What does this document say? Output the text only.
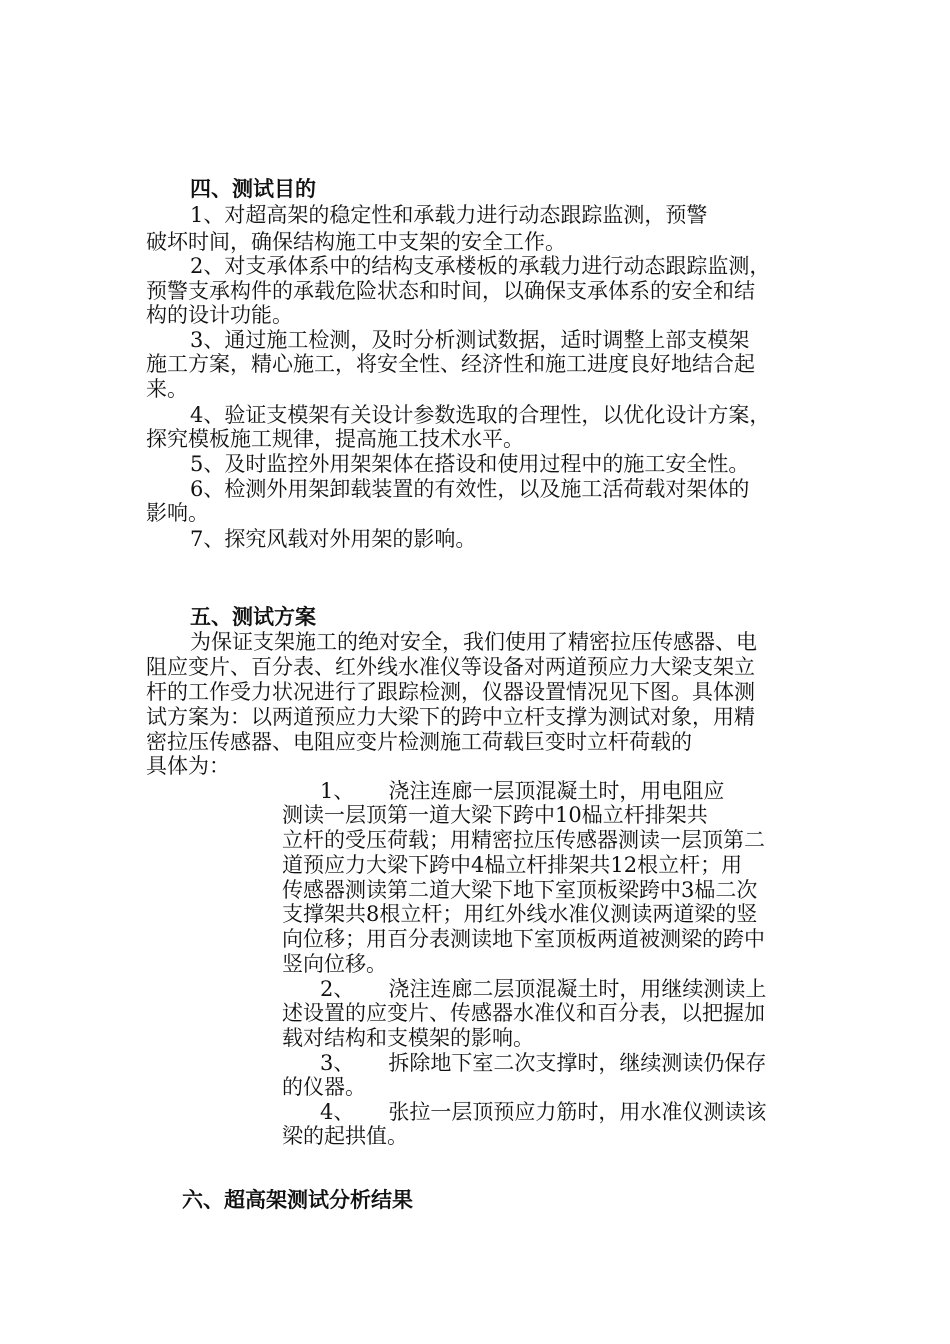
四、测试目的

1、对超高架的稳定性和承载力进行动态跟踪监测，预警

破坏时间，确保结构施工中支架的安全工作。

2、对支承体系中的结构支承楼板的承载力进行动态跟踪监测，

预警支承构件的承载危险状态和时间，以确保支承体系的安全和结

构的设计功能。

3、通过施工检测，及时分析测试数据，适时调整上部支模架

施工方案，精心施工，将安全性、经济性和施工进度良好地结合起

来。

4、验证支模架有关设计参数选取的合理性，以优化设计方案，

探究模板施工规律，提高施工技术水平。

5、及时监控外用架架体在搭设和使用过程中的施工安全性。

6、检测外用架卸载装置的有效性，以及施工活荷载对架体的

影响。

7、探究风载对外用架的影响。

五、测试方案

为保证支架施工的绝对安全，我们使用了精密拉压传感器、电

阻应变片、百分表、红外线水准仪等设备对两道预应力大梁支架立

杆的工作受力状况进行了跟踪检测，仪器设置情况见下图。具体测

试方案为：以两道预应力大梁下的跨中立杆支撑为测试对象，用精

密拉压传感器、电阻应变片检测施工荷载巨变时立杆荷载的

具体为：

1、 浇注连廊一层顶混凝土时，用电阻应

测读一层顶第一道大梁下跨中10榀立杆排架共

立杆的受压荷载；用精密拉压传感器测读一层顶第二

道预应力大梁下跨中4榀立杆排架共12根立杆；用

传感器测读第二道大梁下地下室顶板梁跨中3榀二次

支撑架共8根立杆；用红外线水准仪测读两道梁的竖

向位移；用百分表测读地下室顶板两道被测梁的跨中

竖向位移。

2、 浇注连廊二层顶混凝土时，用继续测读上

述设置的应变片、传感器水准仪和百分表，以把握加

载对结构和支模架的影响。

3、 拆除地下室二次支撑时，继续测读仍保存

的仪器。

4、 张拉一层顶预应力筋时，用水准仪测读该

梁的起拱值。

六、超高架测试分析结果
